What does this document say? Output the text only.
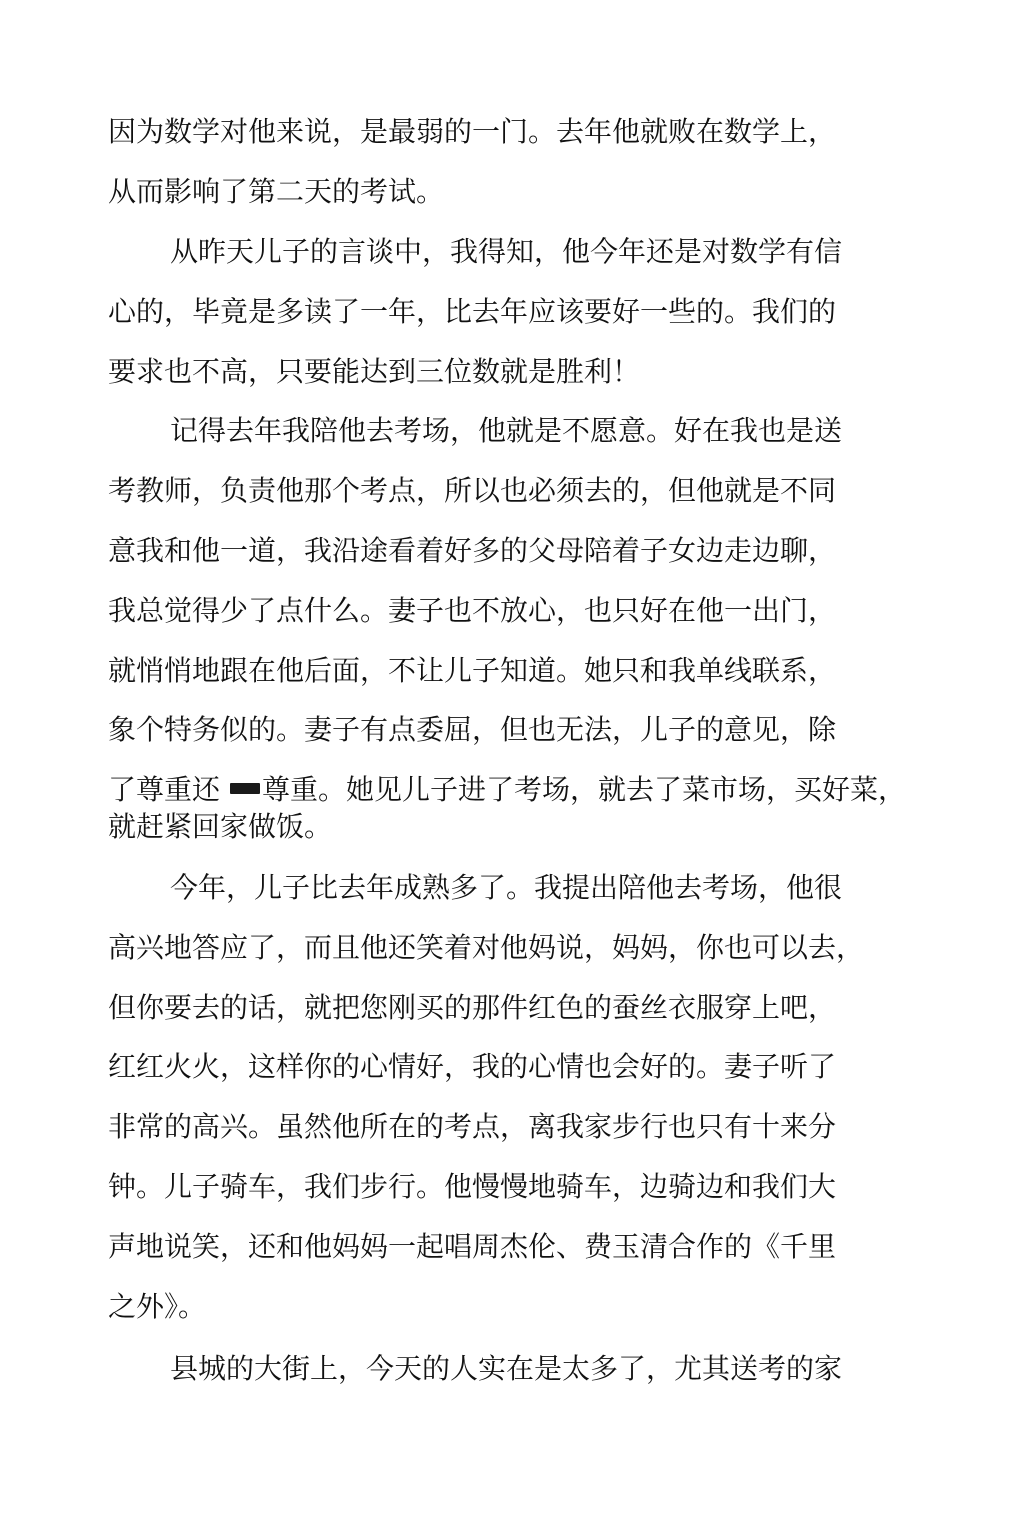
因为数学对他来说，是最弱的一门。去年他就败在数学上，
从而影响了第二天的考试。
从昨天儿子的言谈中，我得知，他今年还是对数学有信
心的，毕竟是多读了一年，比去年应该要好一些的。我们的
要求也不高，只要能达到三位数就是胜利！
记得去年我陪他去考场，他就是不愿意。好在我也是送
考教师，负责他那个考点，所以也必须去的，但他就是不同
意我和他一道，我沿途看着好多的父母陪着子女边走边聊，
我总觉得少了点什么。妻子也不放心，也只好在他一出门，
就悄悄地跟在他后面，不让儿子知道。她只和我单线联系，
象个特务似的。妻子有点委屈，但也无法，儿子的意见，除
了尊重还 尊重。她见儿子进了考场，就去了菜市场，买好菜，
就赶紧回家做饭。
今年，儿子比去年成熟多了。我提出陪他去考场，他很
高兴地答应了，而且他还笑着对他妈说，妈妈，你也可以去，
但你要去的话，就把您刚买的那件红色的蚕丝衣服穿上吧，
红红火火，这样你的心情好，我的心情也会好的。妻子听了
非常的高兴。虽然他所在的考点，离我家步行也只有十来分
钟。儿子骑车，我们步行。他慢慢地骑车，边骑边和我们大
声地说笑，还和他妈妈一起唱周杰伦、费玉清合作的《千里
之外》。
县城的大街上，今天的人实在是太多了，尤其送考的家
